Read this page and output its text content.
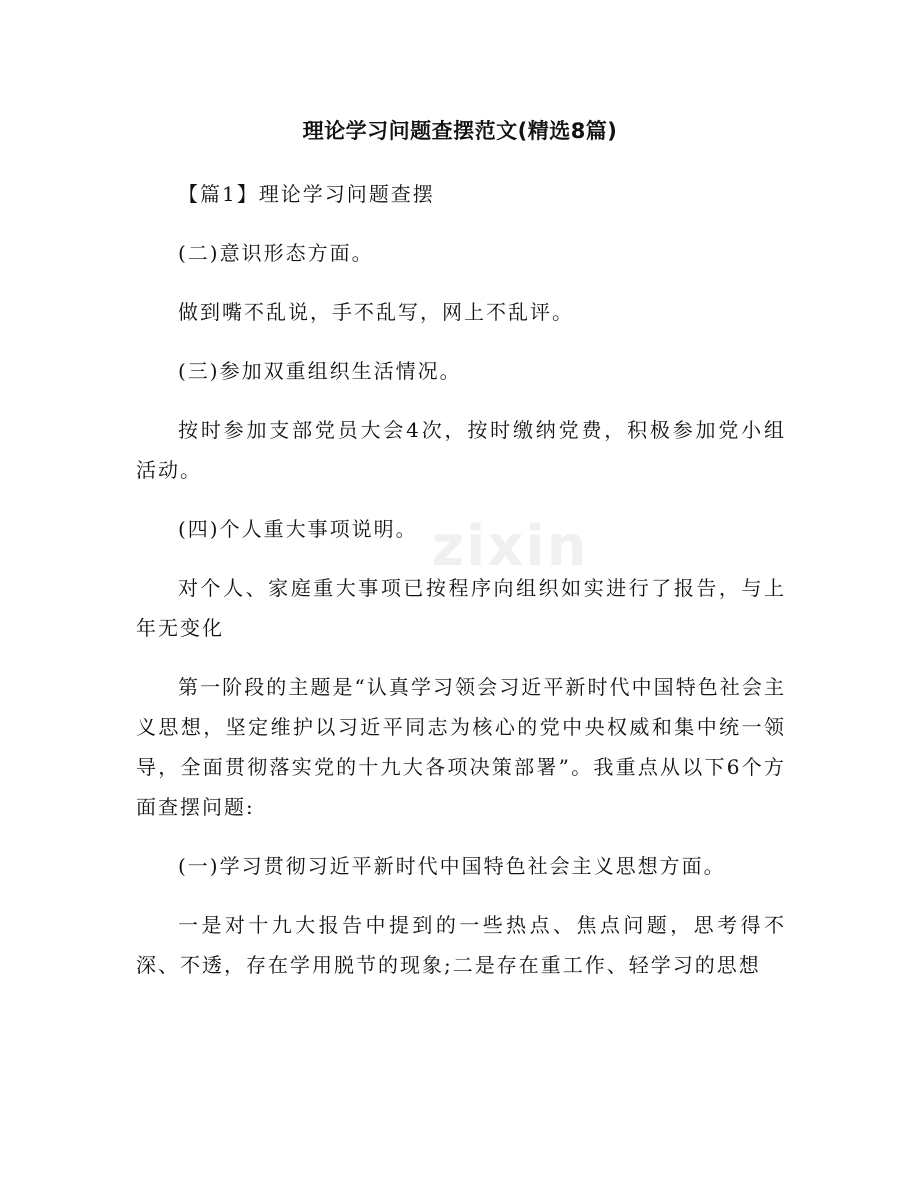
理论学习问题查摆范文(精选8篇)

【篇1】理论学习问题查摆

(二)意识形态方面。

做到嘴不乱说，手不乱写，网上不乱评。

(三)参加双重组织生活情况。

按时参加支部党员大会4次，按时缴纳党费，积极参加党小组活动。

(四)个人重大事项说明。

对个人、家庭重大事项已按程序向组织如实进行了报告，与上年无变化

第一阶段的主题是“认真学习领会习近平新时代中国特色社会主义思想，坚定维护以习近平同志为核心的党中央权威和集中统一领导，全面贯彻落实党的十九大各项决策部署”。我重点从以下6个方面查摆问题:

(一)学习贯彻习近平新时代中国特色社会主义思想方面。

一是对十九大报告中提到的一些热点、焦点问题，思考得不深、不透，存在学用脱节的现象;二是存在重工作、轻学习的思想

zixin
